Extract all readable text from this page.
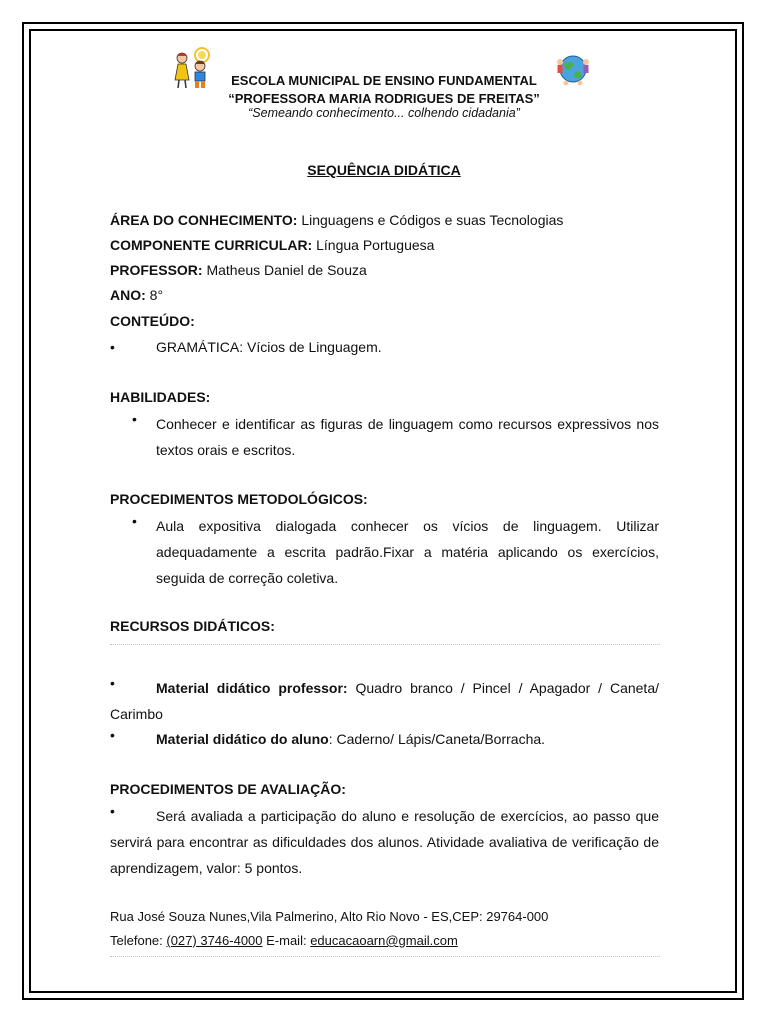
ESCOLA MUNICIPAL DE ENSINO FUNDAMENTAL
“PROFESSORA MARIA RODRIGUES DE FREITAS”
“Semeando conhecimento... colhendo cidadania”
SEQUÊNCIA DIDÁTICA
ÁREA DO CONHECIMENTO: Linguagens e Códigos e suas Tecnologias
COMPONENTE CURRICULAR: Língua Portuguesa
PROFESSOR: Matheus Daniel de Souza
ANO: 8°
CONTEÚDO:
•	GRAMÁTICA: Vícios de Linguagem.
HABILIDADES:
• Conhecer e identificar as figuras de linguagem como recursos expressivos nos textos orais e escritos.
PROCEDIMENTOS METODOLÓGICOS:
• Aula expositiva dialogada conhecer os vícios de linguagem. Utilizar adequadamente a escrita padrão.Fixar a matéria aplicando os exercícios, seguida de correção coletiva.
RECURSOS DIDÁTICOS:
•	Material didático professor: Quadro branco / Pincel / Apagador / Caneta/ Carimbo
•	Material didático do aluno: Caderno/ Lápis/Caneta/Borracha.
PROCEDIMENTOS DE AVALIAÇÃO:
•	Será avaliada a participação do aluno e resolução de exercícios, ao passo que servirá para encontrar as dificuldades dos alunos. Atividade avaliativa de verificação de aprendizagem, valor: 5 pontos.
Rua José Souza Nunes,Vila Palmerino, Alto Rio Novo - ES,CEP: 29764-000
Telefone: (027) 3746-4000 E-mail: educacaoarn@gmail.com
